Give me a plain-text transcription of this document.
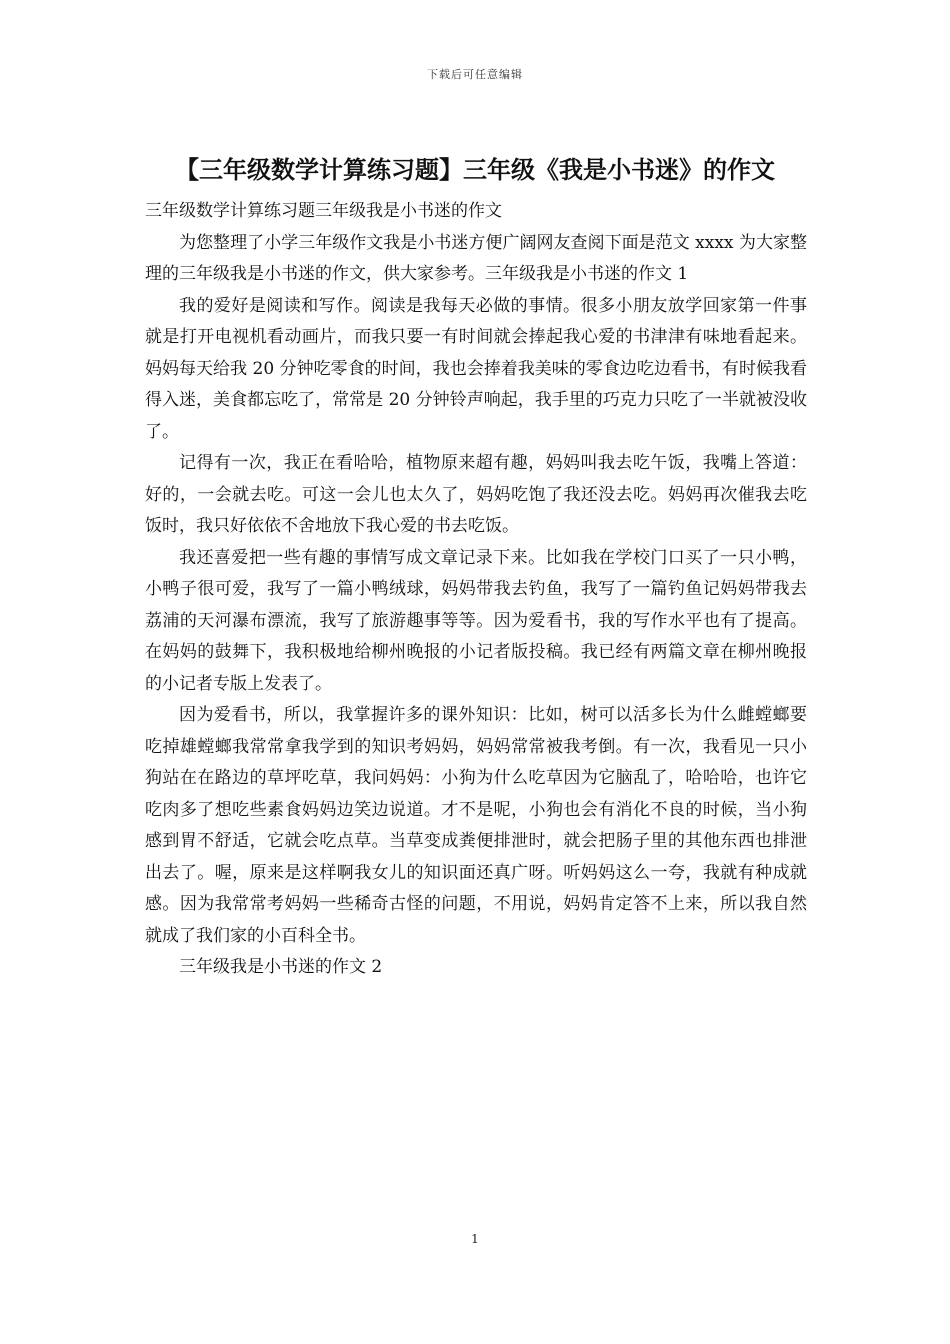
下载后可任意编辑
【三年级数学计算练习题】三年级《我是小书迷》的作文

三年级数学计算练习题三年级我是小书迷的作文

为您整理了小学三年级作文我是小书迷方便广阔网友查阅下面是范文 xxxx 为大家整理的三年级我是小书迷的作文，供大家参考。三年级我是小书迷的作文 1

我的爱好是阅读和写作。阅读是我每天必做的事情。很多小朋友放学回家第一件事就是打开电视机看动画片，而我只要一有时间就会捧起我心爱的书津津有味地看起来。妈妈每天给我 20 分钟吃零食的时间，我也会捧着我美味的零食边吃边看书，有时候我看得入迷，美食都忘吃了，常常是 20 分钟铃声响起，我手里的巧克力只吃了一半就被没收了。

记得有一次，我正在看哈哈，植物原来超有趣，妈妈叫我去吃午饭，我嘴上答道：好的，一会就去吃。可这一会儿也太久了，妈妈吃饱了我还没去吃。妈妈再次催我去吃饭时，我只好依依不舍地放下我心爱的书去吃饭。

我还喜爱把一些有趣的事情写成文章记录下来。比如我在学校门口买了一只小鸭，小鸭子很可爱，我写了一篇小鸭绒球，妈妈带我去钓鱼，我写了一篇钓鱼记妈妈带我去荔浦的天河瀑布漂流，我写了旅游趣事等等。因为爱看书，我的写作水平也有了提高。在妈妈的鼓舞下，我积极地给柳州晚报的小记者版投稿。我已经有两篇文章在柳州晚报的小记者专版上发表了。

因为爱看书，所以，我掌握许多的课外知识：比如，树可以活多长为什么雌螳螂要吃掉雄螳螂我常常拿我学到的知识考妈妈，妈妈常常被我考倒。有一次，我看见一只小狗站在在路边的草坪吃草，我问妈妈：小狗为什么吃草因为它脑乱了，哈哈哈，也许它吃肉多了想吃些素食妈妈边笑边说道。才不是呢，小狗也会有消化不良的时候，当小狗感到胃不舒适，它就会吃点草。当草变成粪便排泄时，就会把肠子里的其他东西也排泄出去了。喔，原来是这样啊我女儿的知识面还真广呀。听妈妈这么一夸，我就有种成就感。因为我常常考妈妈一些稀奇古怪的问题，不用说，妈妈肯定答不上来，所以我自然就成了我们家的小百科全书。

三年级我是小书迷的作文 2

1
